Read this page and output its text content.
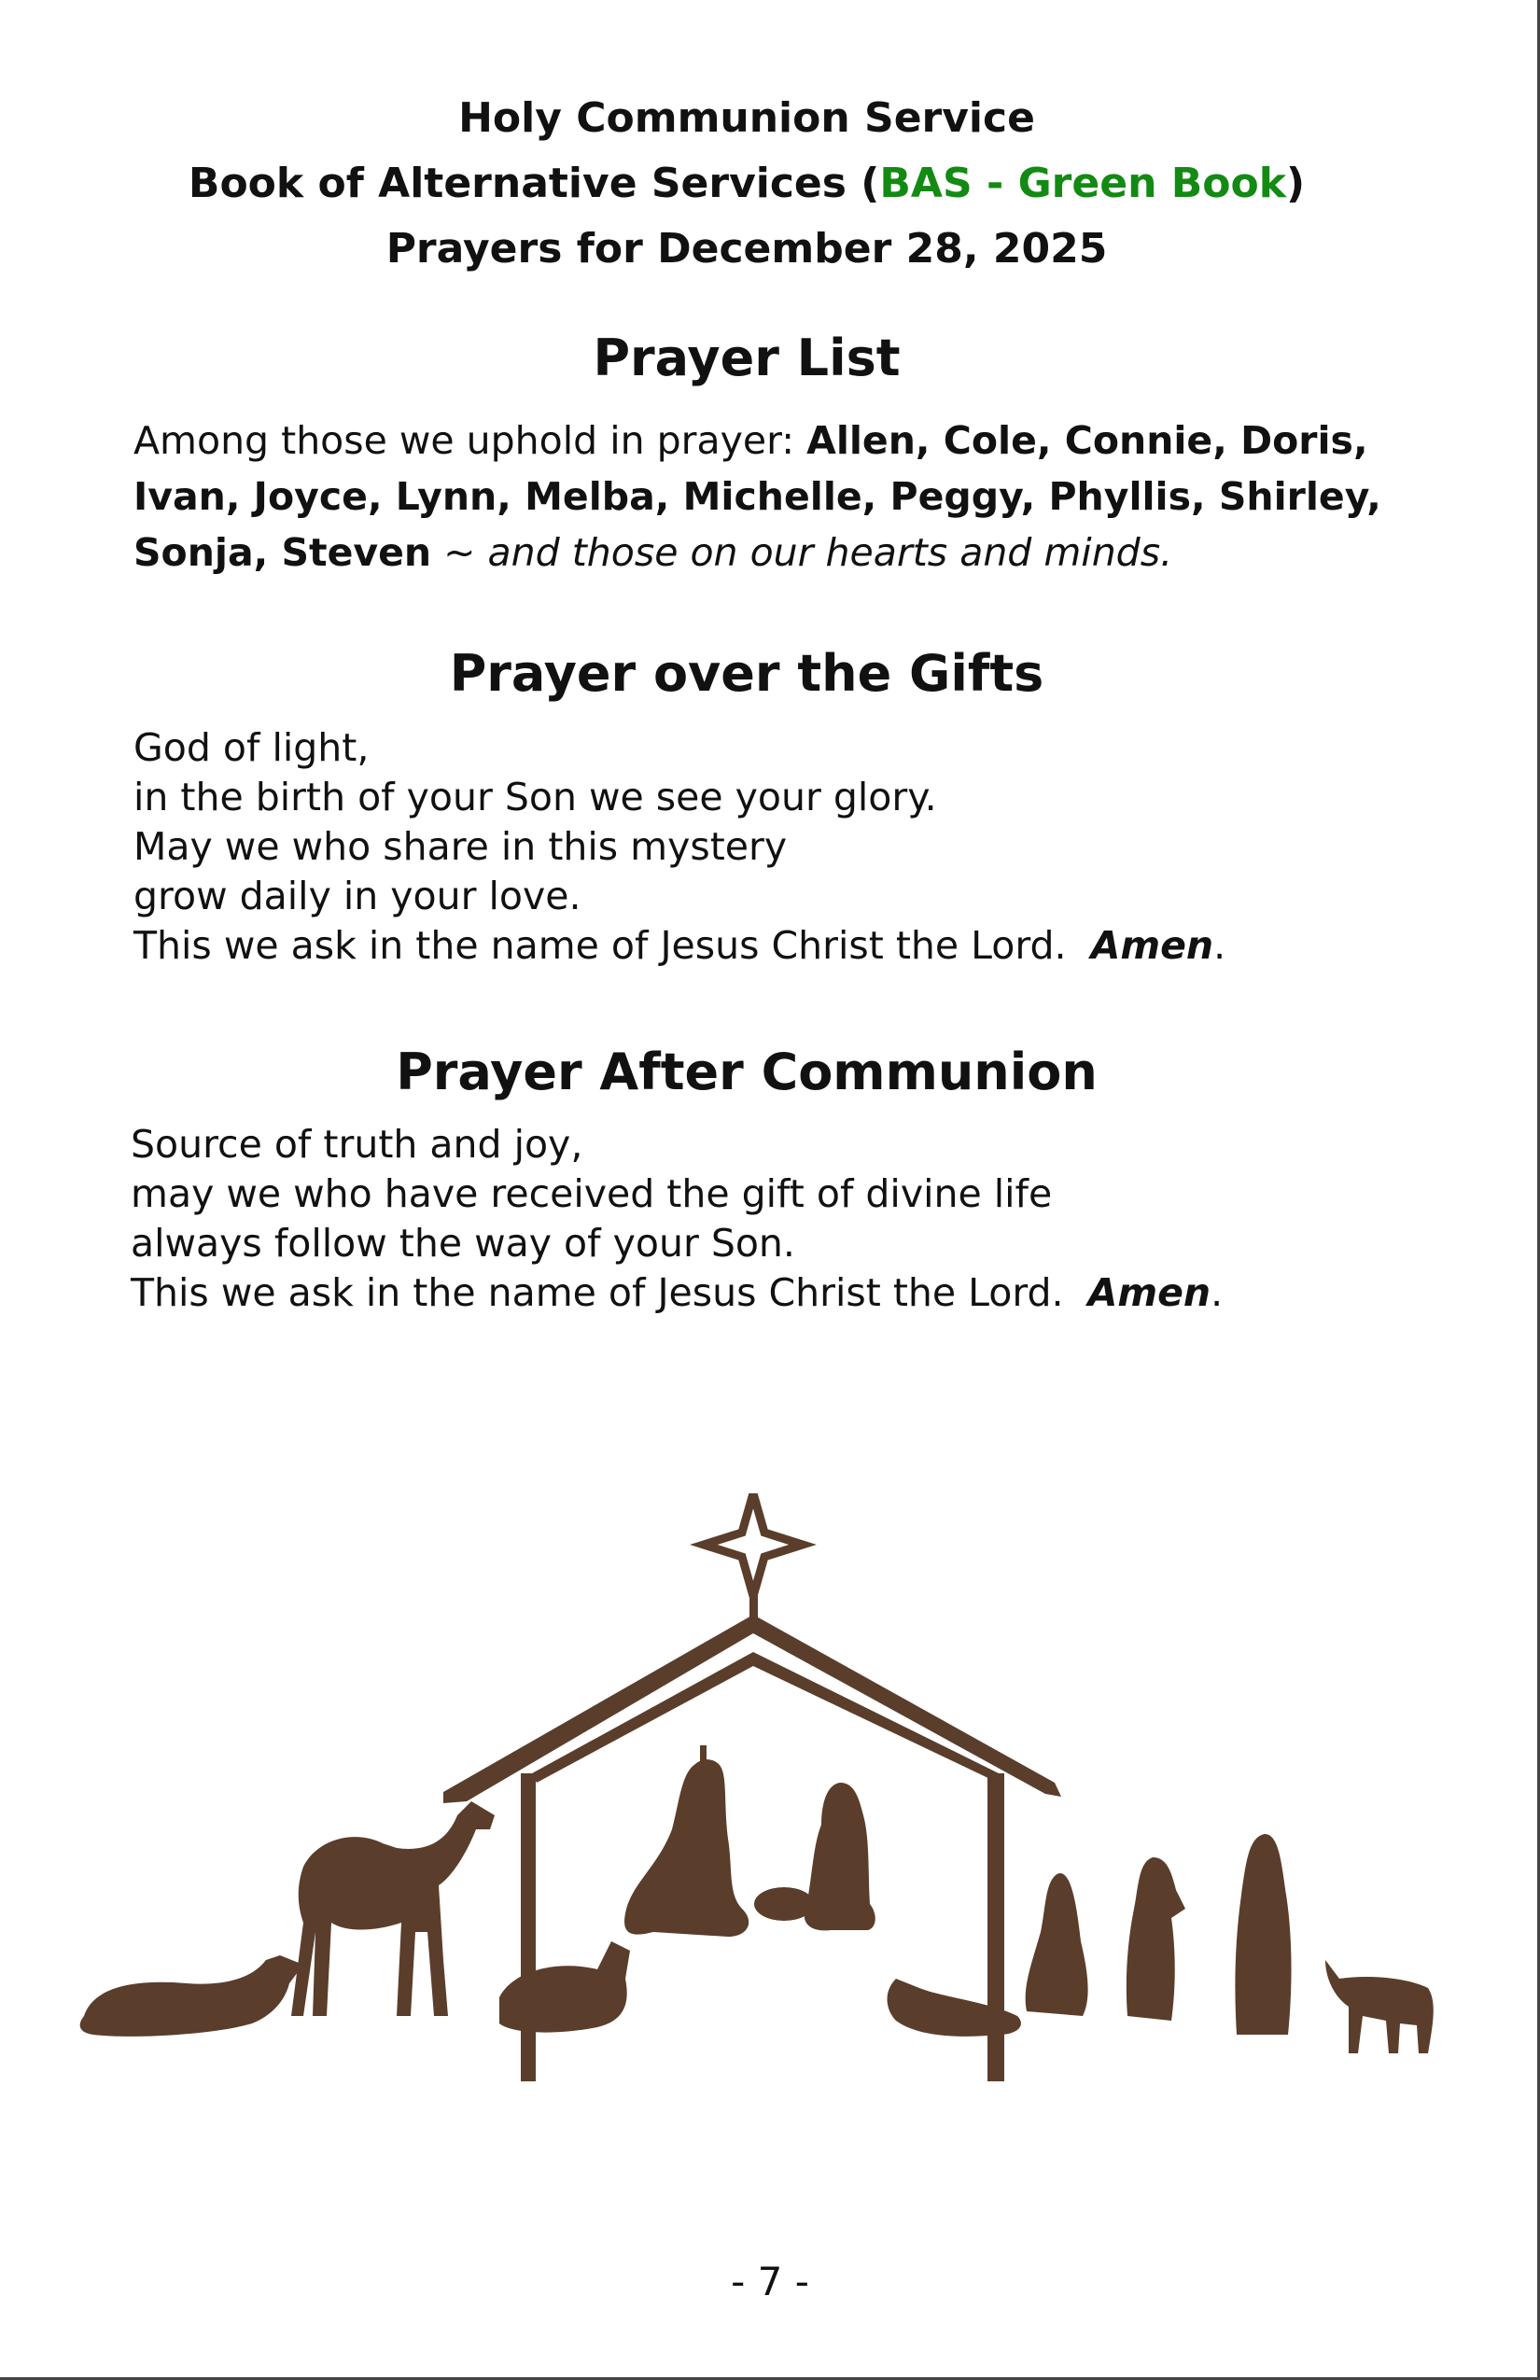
Holy Communion Service
Book of Alternative Services (BAS - Green Book)
Prayers for December 28, 2025
Prayer List
Among those we uphold in prayer: Allen, Cole, Connie, Doris, Ivan, Joyce, Lynn, Melba, Michelle, Peggy, Phyllis, Shirley, Sonja, Steven ~ and those on our hearts and minds.
Prayer over the Gifts
God of light,
in the birth of your Son we see your glory.
May we who share in this mystery
grow daily in your love.
This we ask in the name of Jesus Christ the Lord. Amen.
Prayer After Communion
Source of truth and joy,
may we who have received the gift of divine life
always follow the way of your Son.
This we ask in the name of Jesus Christ the Lord. Amen.
- 7 -
